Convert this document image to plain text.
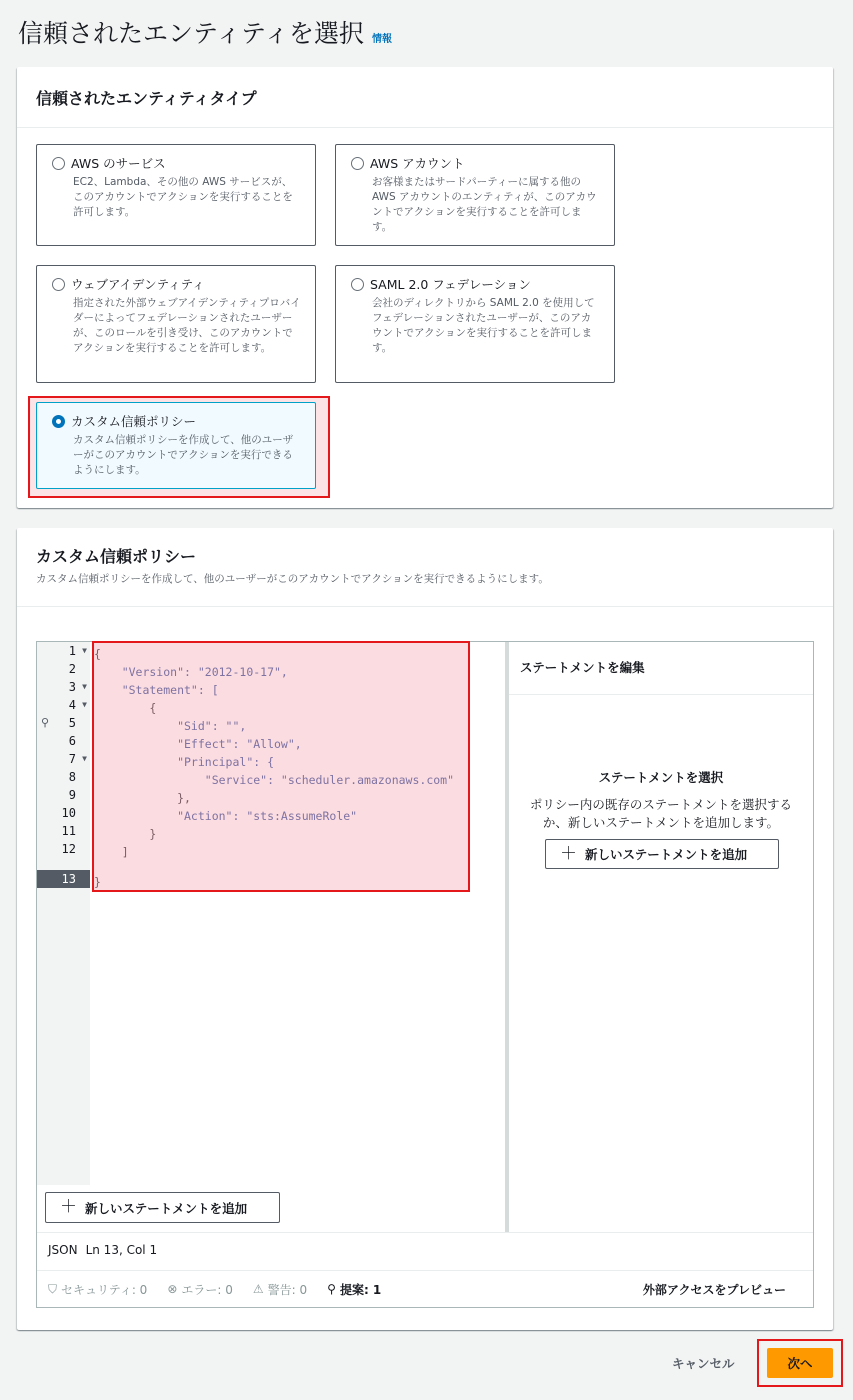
信頼されたエンティティを選択 情報
信頼されたエンティティタイプ
AWS のサービス
EC2、Lambda、その他の AWS サービスが、このアカウントでアクションを実行することを許可します。
AWS アカウント
お客様またはサードパーティーに属する他の AWS アカウントのエンティティが、このアカウントでアクションを実行することを許可します。
ウェブアイデンティティ
指定された外部ウェブアイデンティティプロバイダーによってフェデレーションされたユーザーが、このロールを引き受け、このアカウントでアクションを実行することを許可します。
SAML 2.0 フェデレーション
会社のディレクトリから SAML 2.0 を使用してフェデレーションされたユーザーが、このアカウントでアクションを実行することを許可します。
カスタム信頼ポリシー
カスタム信頼ポリシーを作成して、他のユーザーがこのアカウントでアクションを実行できるようにします。
カスタム信頼ポリシー
カスタム信頼ポリシーを作成して、他のユーザーがこのアカウントでアクションを実行できるようにします。
1 ▼
2
3 ▼
4 ▼
⚲ 5
6
7 ▼
8
9
10
11
12
13
{
"Version": "2012-10-17",
"Statement": [
{
"Sid": "",
"Effect": "Allow",
"Principal": {
"Service": "scheduler.amazonaws.com"
},
"Action": "sts:AssumeRole"
}
]
}
＋ 新しいステートメントを追加
ステートメントを編集
ステートメントを選択
ポリシー内の既存のステートメントを選択するか、新しいステートメントを追加します。
＋ 新しいステートメントを追加
JSON Ln 13, Col 1
⛉ セキュリティ: 0 ⊗ エラー: 0 ⚠ 警告: 0 ⚲ 提案: 1	外部アクセスをプレビュー
キャンセル	次へ
